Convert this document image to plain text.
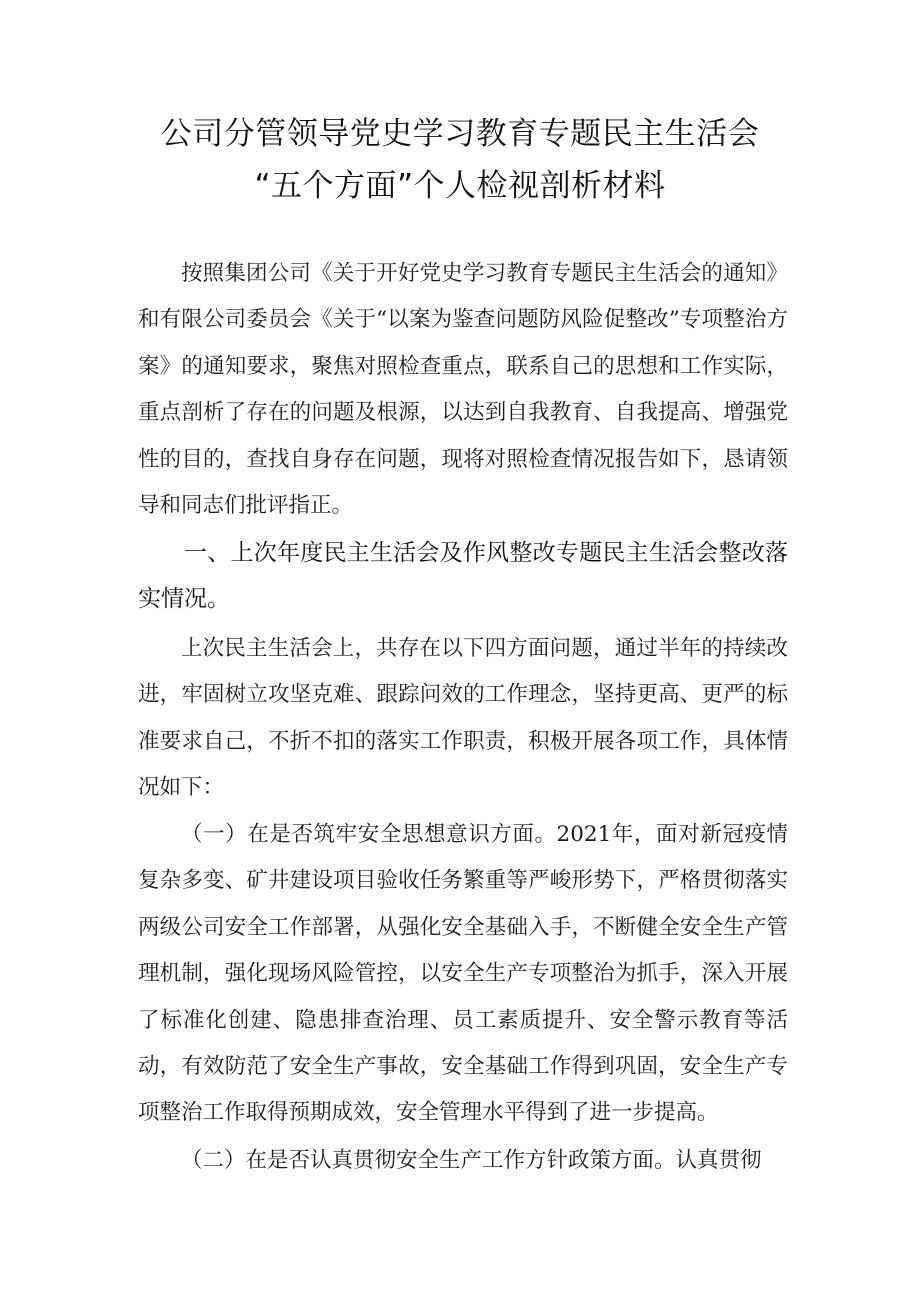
公司分管领导党史学习教育专题民主生活会
“五个方面”个人检视剖析材料

按照集团公司《关于开好党史学习教育专题民主生活会的通知》和有限公司委员会《关于“以案为鉴查问题防风险促整改”专项整治方案》的通知要求，聚焦对照检查重点，联系自己的思想和工作实际，重点剖析了存在的问题及根源，以达到自我教育、自我提高、增强党性的目的，查找自身存在问题，现将对照检查情况报告如下，恳请领导和同志们批评指正。

一、上次年度民主生活会及作风整改专题民主生活会整改落实情况。

上次民主生活会上，共存在以下四方面问题，通过半年的持续改进，牢固树立攻坚克难、跟踪问效的工作理念，坚持更高、更严的标准要求自己，不折不扣的落实工作职责，积极开展各项工作，具体情况如下：

（一）在是否筑牢安全思想意识方面。2021年，面对新冠疫情复杂多变、矿井建设项目验收任务繁重等严峻形势下，严格贯彻落实两级公司安全工作部署，从强化安全基础入手，不断健全安全生产管理机制，强化现场风险管控，以安全生产专项整治为抓手，深入开展了标准化创建、隐患排查治理、员工素质提升、安全警示教育等活动，有效防范了安全生产事故，安全基础工作得到巩固，安全生产专项整治工作取得预期成效，安全管理水平得到了进一步提高。

（二）在是否认真贯彻安全生产工作方针政策方面。认真贯彻
